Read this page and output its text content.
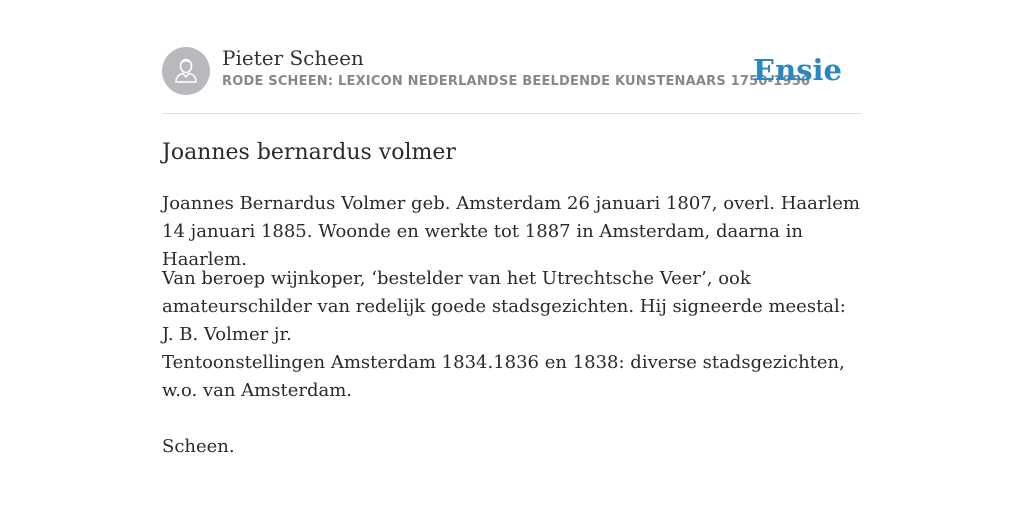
Pieter Scheen
RODE SCHEEN: LEXICON NEDERLANDSE BEELDENDE KUNSTENAARS 1750-1950
Ensie
Joannes bernardus volmer

Joannes Bernardus Volmer geb. Amsterdam 26 januari 1807, overl. Haarlem 14 januari 1885. Woonde en werkte tot 1887 in Amsterdam, daarna in Haarlem.

Van beroep wijnkoper, ‘bestelder van het Utrechtsche Veer’, ook amateurschilder van redelijk goede stadsgezichten. Hij signeerde meestal: J. B. Volmer jr.

Tentoonstellingen Amsterdam 1834.1836 en 1838: diverse stadsgezichten, w.o. van Amsterdam.

Scheen.
